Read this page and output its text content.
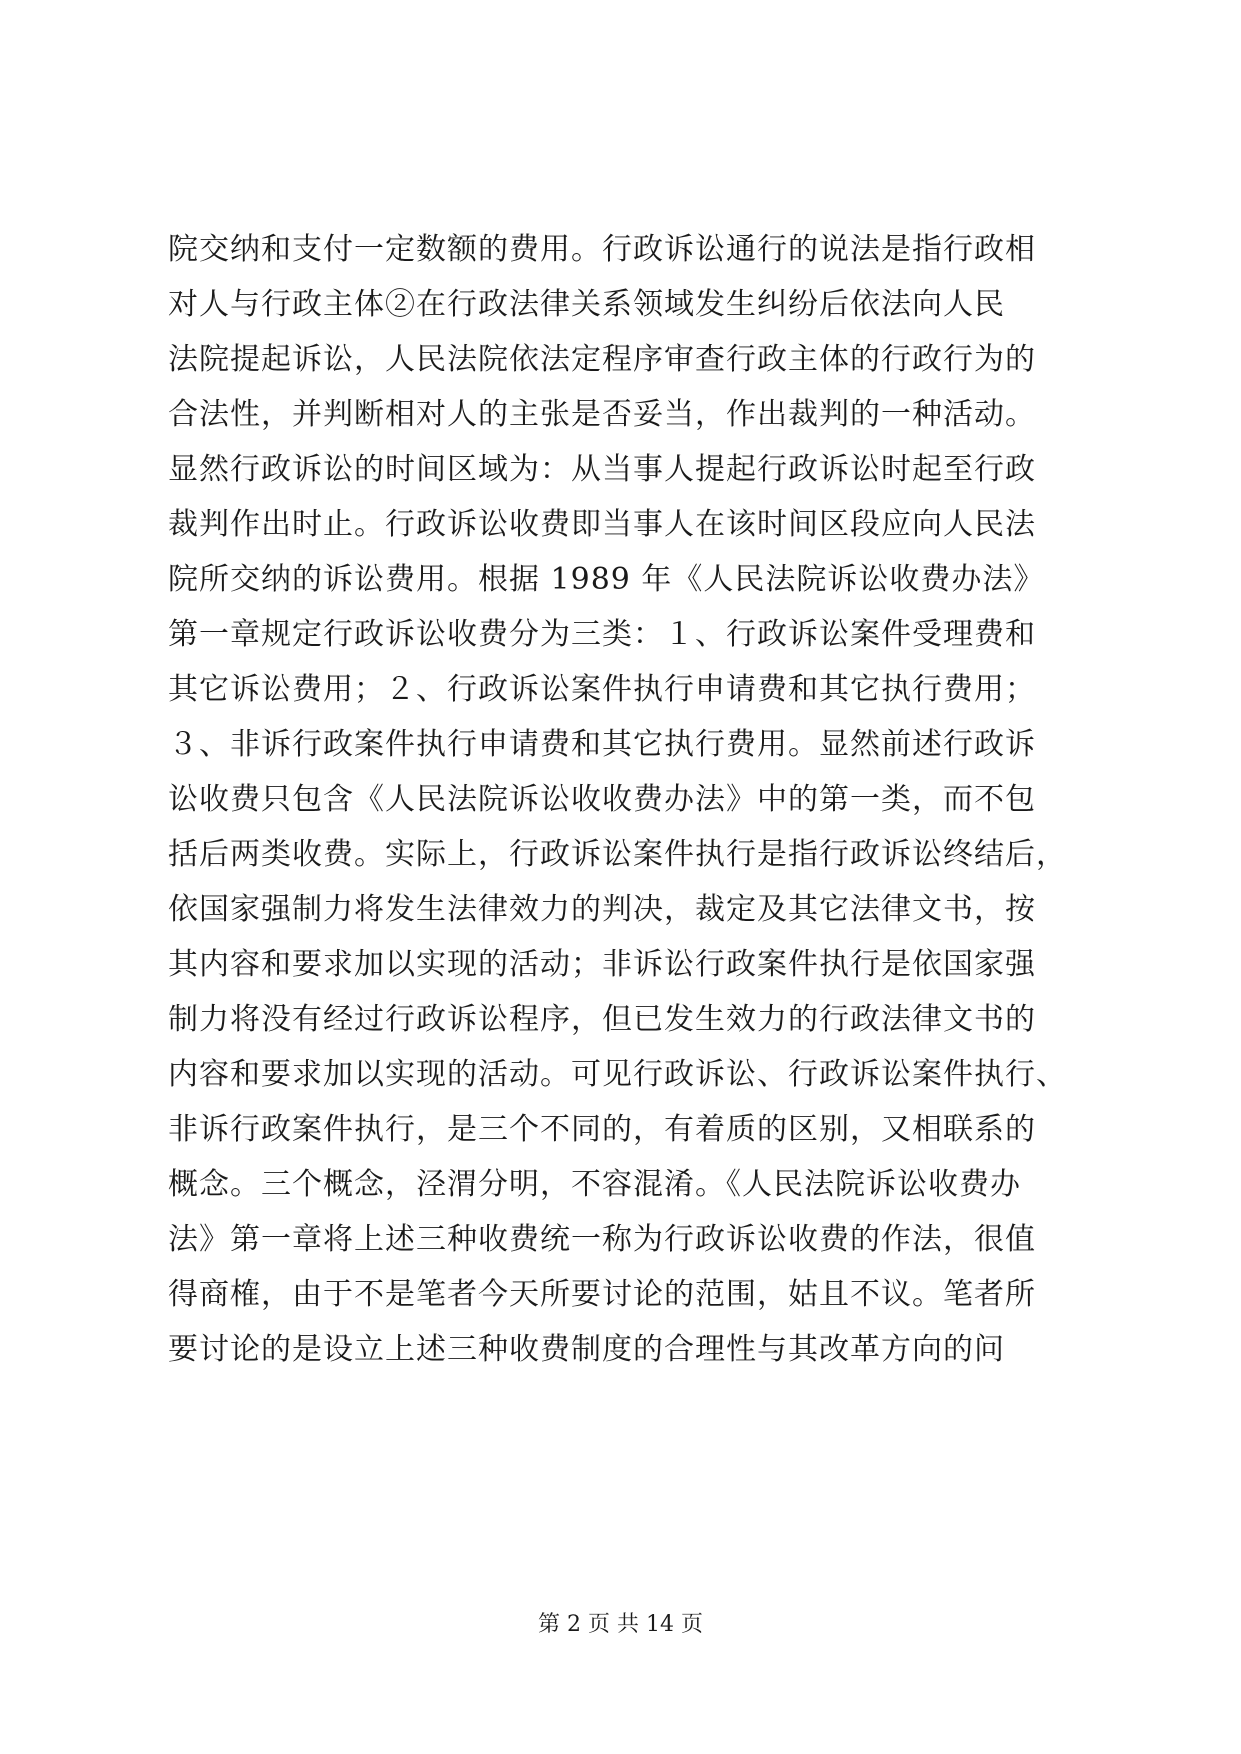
院交纳和支付一定数额的费用。行政诉讼通行的说法是指行政相
对人与行政主体②在行政法律关系领域发生纠纷后依法向人民
法院提起诉讼，人民法院依法定程序审查行政主体的行政行为的
合法性，并判断相对人的主张是否妥当，作出裁判的一种活动。
显然行政诉讼的时间区域为：从当事人提起行政诉讼时起至行政
裁判作出时止。行政诉讼收费即当事人在该时间区段应向人民法
院所交纳的诉讼费用。根据 1989 年《人民法院诉讼收费办法》
第一章规定行政诉讼收费分为三类：１、行政诉讼案件受理费和
其它诉讼费用；２、行政诉讼案件执行申请费和其它执行费用；
３、非诉行政案件执行申请费和其它执行费用。显然前述行政诉
讼收费只包含《人民法院诉讼收收费办法》中的第一类，而不包
括后两类收费。实际上，行政诉讼案件执行是指行政诉讼终结后，
依国家强制力将发生法律效力的判决，裁定及其它法律文书，按
其内容和要求加以实现的活动；非诉讼行政案件执行是依国家强
制力将没有经过行政诉讼程序，但已发生效力的行政法律文书的
内容和要求加以实现的活动。可见行政诉讼、行政诉讼案件执行、
非诉行政案件执行，是三个不同的，有着质的区别，又相联系的
概念。三个概念，泾渭分明，不容混淆。《人民法院诉讼收费办
法》第一章将上述三种收费统一称为行政诉讼收费的作法，很值
得商榷，由于不是笔者今天所要讨论的范围，姑且不议。笔者所
要讨论的是设立上述三种收费制度的合理性与其改革方向的问
第 2 页 共 14 页
